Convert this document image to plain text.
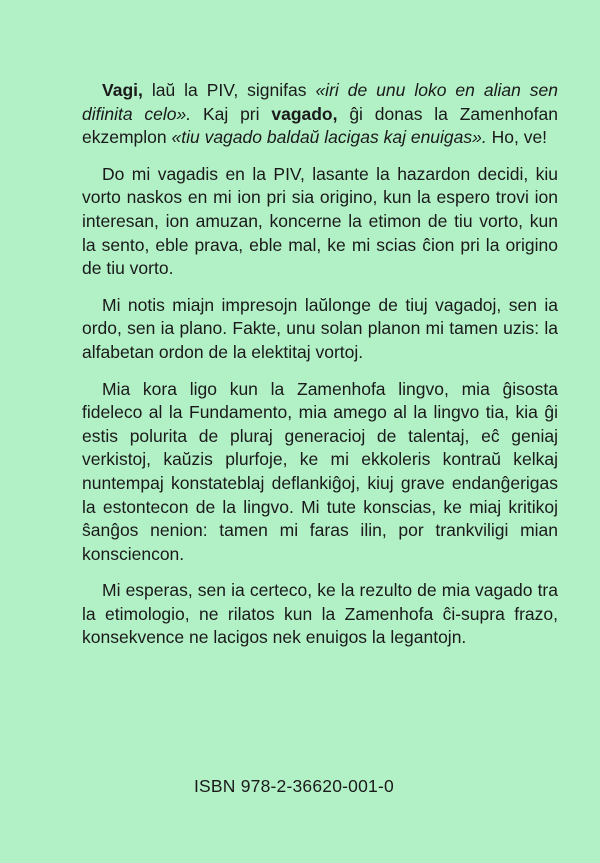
Vagi, laŭ la PIV, signifas «iri de unu loko en alian sen difinita celo». Kaj pri vagado, ĝi donas la Zamenhofan ekzemplon «tiu vagado baldaŭ lacigas kaj enuigas». Ho, ve!

Do mi vagadis en la PIV, lasante la hazardon decidi, kiu vorto naskos en mi ion pri sia origino, kun la espero trovi ion interesan, ion amuzan, koncerne la etimon de tiu vorto, kun la sento, eble prava, eble mal, ke mi scias ĉion pri la origino de tiu vorto.

Mi notis miajn impresojn laŭlonge de tiuj vagadoj, sen ia ordo, sen ia plano. Fakte, unu solan planon mi tamen uzis: la alfabetan ordon de la elektitaj vortoj.

Mia kora ligo kun la Zamenhofa lingvo, mia ĝisosta fideleco al la Fundamento, mia amego al la lingvo tia, kia ĝi estis polurita de pluraj generacioj de talentaj, eĉ geniaj verkistoj, kaŭzis plurfoje, ke mi ekkoleris kontraŭ kelkaj nuntempaj konstateblaj deflankiĝoj, kiuj grave endanĝerigas la estontecon de la lingvo. Mi tute konscias, ke miaj kritikoj ŝanĝos nenion: tamen mi faras ilin, por trankviligi mian konsciencon.

Mi esperas, sen ia certeco, ke la rezulto de mia vagado tra la etimologio, ne rilatos kun la Zamenhofa ĉi-supra frazo, konsekvence ne lacigos nek enuigos la legantojn.

ISBN 978-2-36620-001-0
